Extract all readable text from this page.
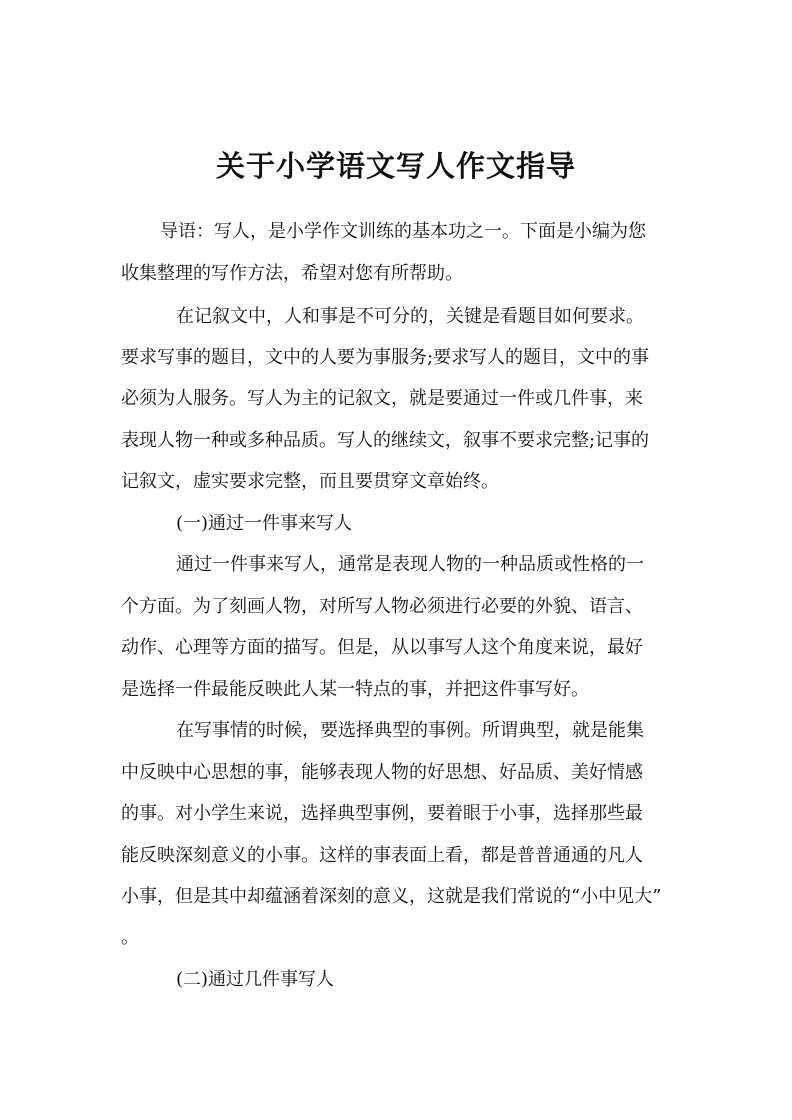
关于小学语文写人作文指导

导语：写人，是小学作文训练的基本功之一。下面是小编为您

收集整理的写作方法，希望对您有所帮助。

在记叙文中，人和事是不可分的，关键是看题目如何要求。

要求写事的题目，文中的人要为事服务;要求写人的题目，文中的事

必须为人服务。写人为主的记叙文，就是要通过一件或几件事，来

表现人物一种或多种品质。写人的继续文，叙事不要求完整;记事的

记叙文，虚实要求完整，而且要贯穿文章始终。

(一)通过一件事来写人

通过一件事来写人，通常是表现人物的一种品质或性格的一

个方面。为了刻画人物，对所写人物必须进行必要的外貌、语言、

动作、心理等方面的描写。但是，从以事写人这个角度来说，最好

是选择一件最能反映此人某一特点的事，并把这件事写好。

在写事情的时候，要选择典型的事例。所谓典型，就是能集

中反映中心思想的事，能够表现人物的好思想、好品质、美好情感

的事。对小学生来说，选择典型事例，要着眼于小事，选择那些最

能反映深刻意义的小事。这样的事表面上看，都是普普通通的凡人

小事，但是其中却蕴涵着深刻的意义，这就是我们常说的“小中见大”

。

(二)通过几件事写人
